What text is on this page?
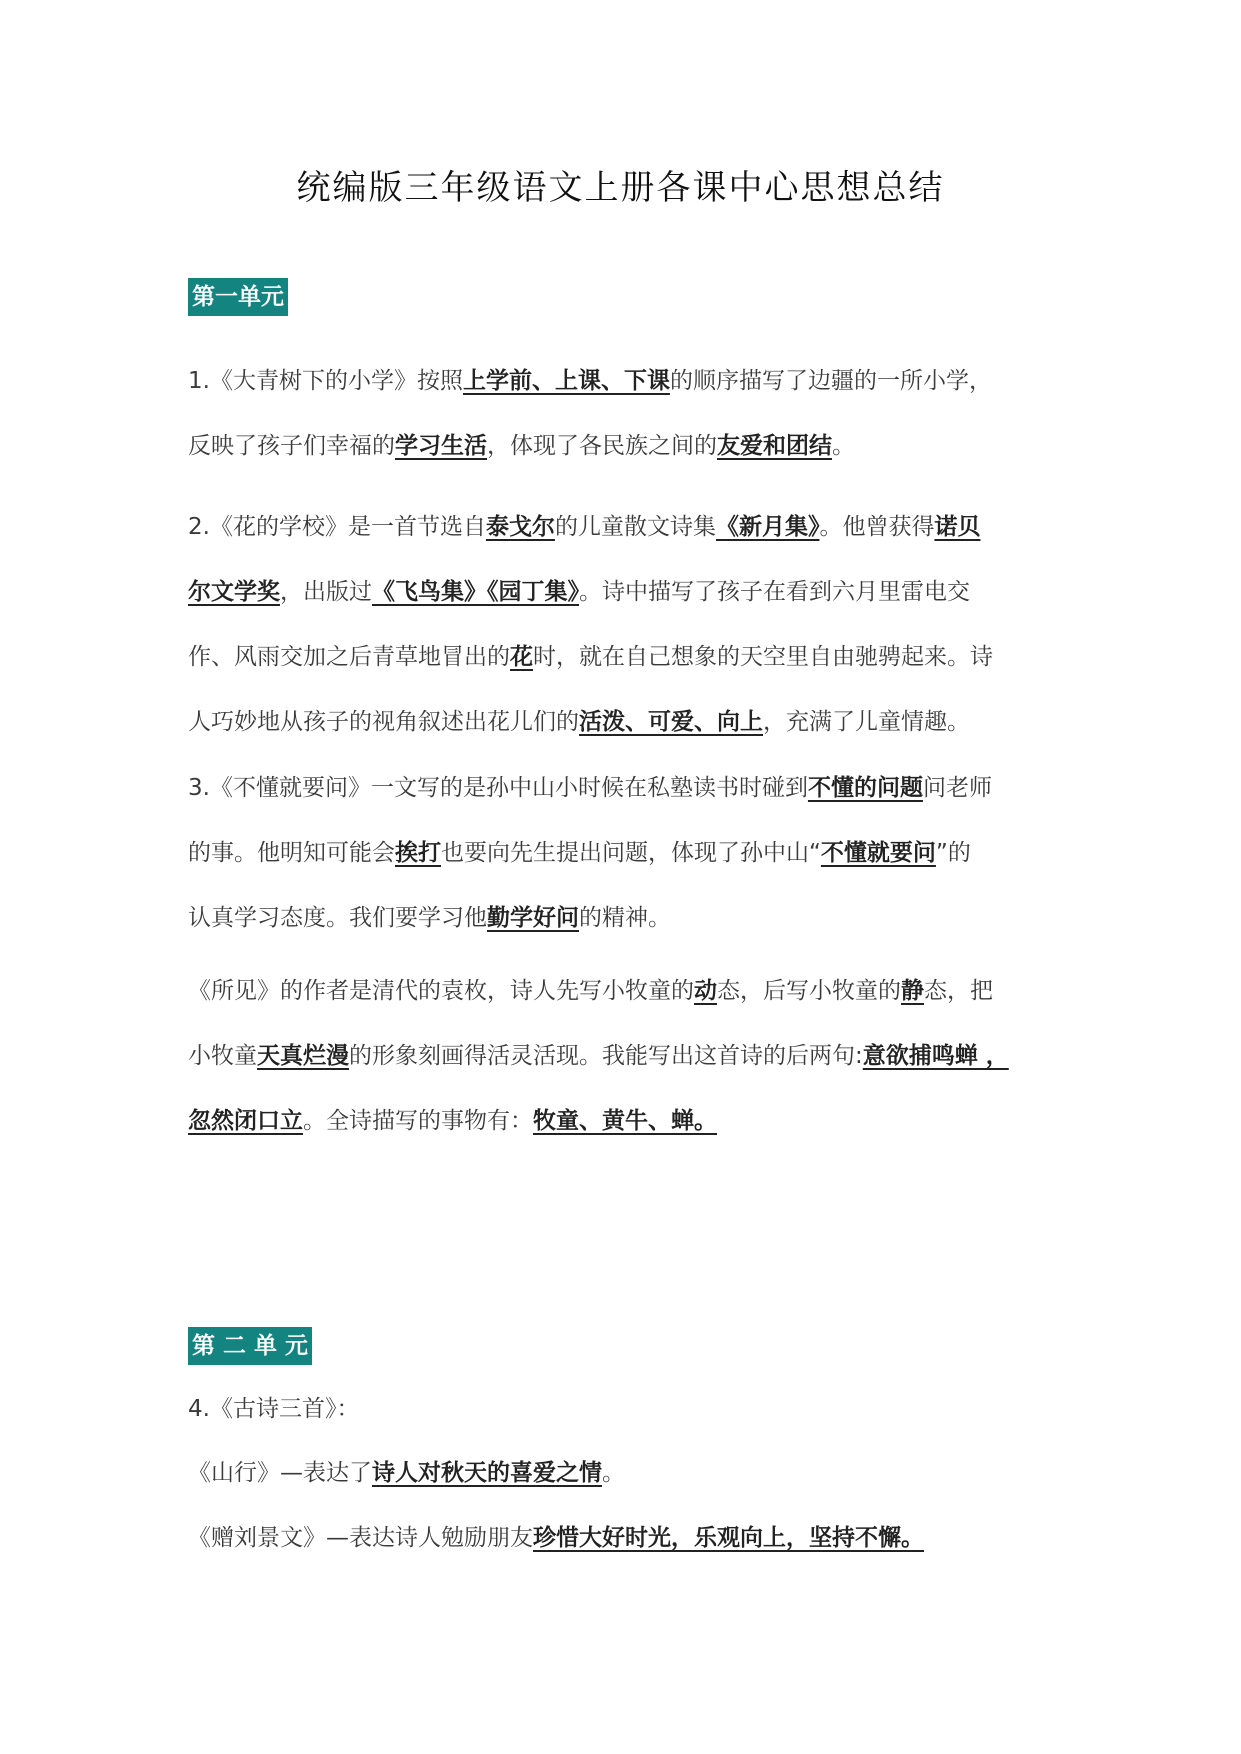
统编版三年级语文上册各课中心思想总结
第一单元
1.《大青树下的小学》按照上学前、上课、下课的顺序描写了边疆的一所小学，
反映了孩子们幸福的学习生活，体现了各民族之间的友爱和团结。
2.《花的学校》是一首节选自泰戈尔的儿童散文诗集《新月集》。他曾获得诺贝
尔文学奖，出版过《飞鸟集》《园丁集》。诗中描写了孩子在看到六月里雷电交
作、风雨交加之后青草地冒出的花时，就在自己想象的天空里自由驰骋起来。诗
人巧妙地从孩子的视角叙述出花儿们的活泼、可爱、向上，充满了儿童情趣。
3.《不懂就要问》一文写的是孙中山小时候在私塾读书时碰到不懂的问题问老师
的事。他明知可能会挨打也要向先生提出问题，体现了孙中山“不懂就要问”的
认真学习态度。我们要学习他勤学好问的精神。
《所见》的作者是清代的袁枚，诗人先写小牧童的动态，后写小牧童的静态，把
小牧童天真烂漫的形象刻画得活灵活现。我能写出这首诗的后两句:意欲捕鸣蝉 ，
忽然闭口立。全诗描写的事物有：牧童、黄牛、蝉。
第 二 单 元
4.《古诗三首》：
《山行》—表达了诗人对秋天的喜爱之情。
《赠刘景文》—表达诗人勉励朋友珍惜大好时光，乐观向上，坚持不懈。
